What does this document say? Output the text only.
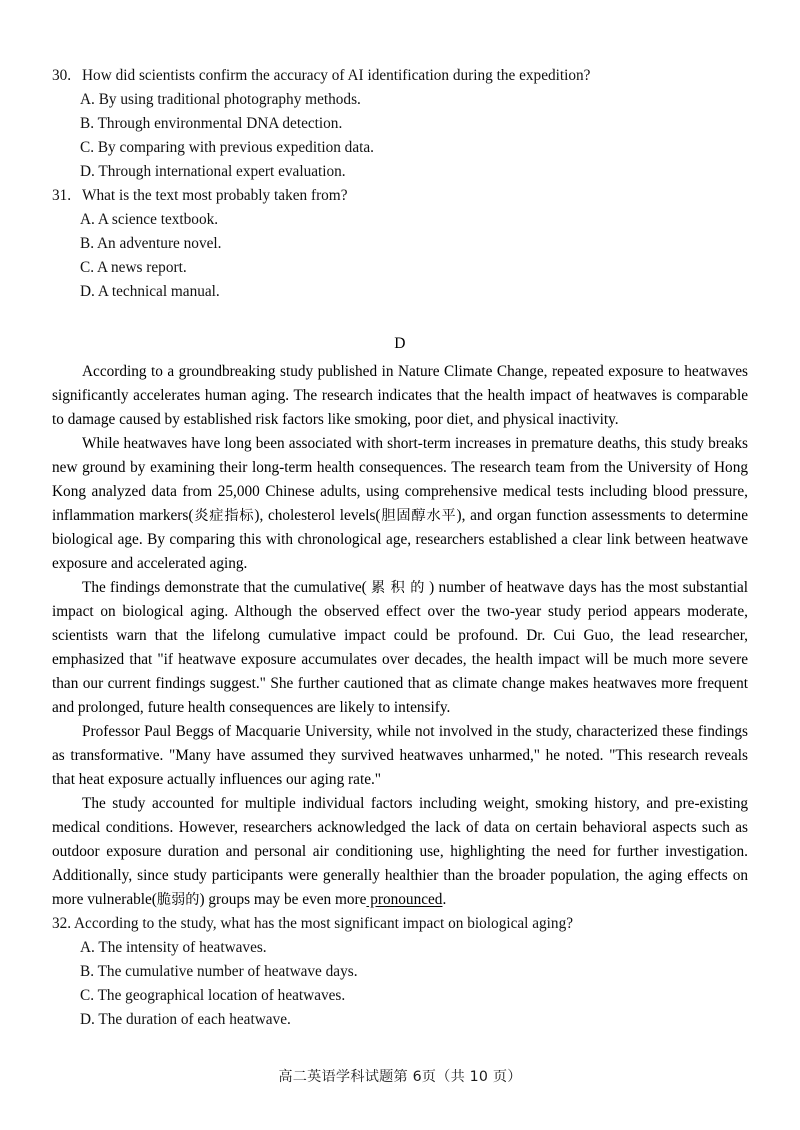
30. How did scientists confirm the accuracy of AI identification during the expedition?
A. By using traditional photography methods.
B. Through environmental DNA detection.
C. By comparing with previous expedition data.
D. Through international expert evaluation.
31. What is the text most probably taken from?
A. A science textbook.
B. An adventure novel.
C. A news report.
D. A technical manual.
D

According to a groundbreaking study published in Nature Climate Change, repeated exposure to heatwaves significantly accelerates human aging. The research indicates that the health impact of heatwaves is comparable to damage caused by established risk factors like smoking, poor diet, and physical inactivity.

While heatwaves have long been associated with short-term increases in premature deaths, this study breaks new ground by examining their long-term health consequences. The research team from the University of Hong Kong analyzed data from 25,000 Chinese adults, using comprehensive medical tests including blood pressure, inflammation markers(炎症指标), cholesterol levels(胆固醇水平), and organ function assessments to determine biological age. By comparing this with chronological age, researchers established a clear link between heatwave exposure and accelerated aging.

The findings demonstrate that the cumulative( 累 积 的 ) number of heatwave days has the most substantial impact on biological aging. Although the observed effect over the two-year study period appears moderate, scientists warn that the lifelong cumulative impact could be profound. Dr. Cui Guo, the lead researcher, emphasized that "if heatwave exposure accumulates over decades, the health impact will be much more severe than our current findings suggest." She further cautioned that as climate change makes heatwaves more frequent and prolonged, future health consequences are likely to intensify.

Professor Paul Beggs of Macquarie University, while not involved in the study, characterized these findings as transformative. "Many have assumed they survived heatwaves unharmed," he noted. "This research reveals that heat exposure actually influences our aging rate."

The study accounted for multiple individual factors including weight, smoking history, and pre-existing medical conditions. However, researchers acknowledged the lack of data on certain behavioral aspects such as outdoor exposure duration and personal air conditioning use, highlighting the need for further investigation. Additionally, since study participants were generally healthier than the broader population, the aging effects on more vulnerable(脆弱的) groups may be even more pronounced.

32. According to the study, what has the most significant impact on biological aging?
A. The intensity of heatwaves.
B. The cumulative number of heatwave days.
C. The geographical location of heatwaves.
D. The duration of each heatwave.
高二英语学科试题第 6页（共 10 页）
